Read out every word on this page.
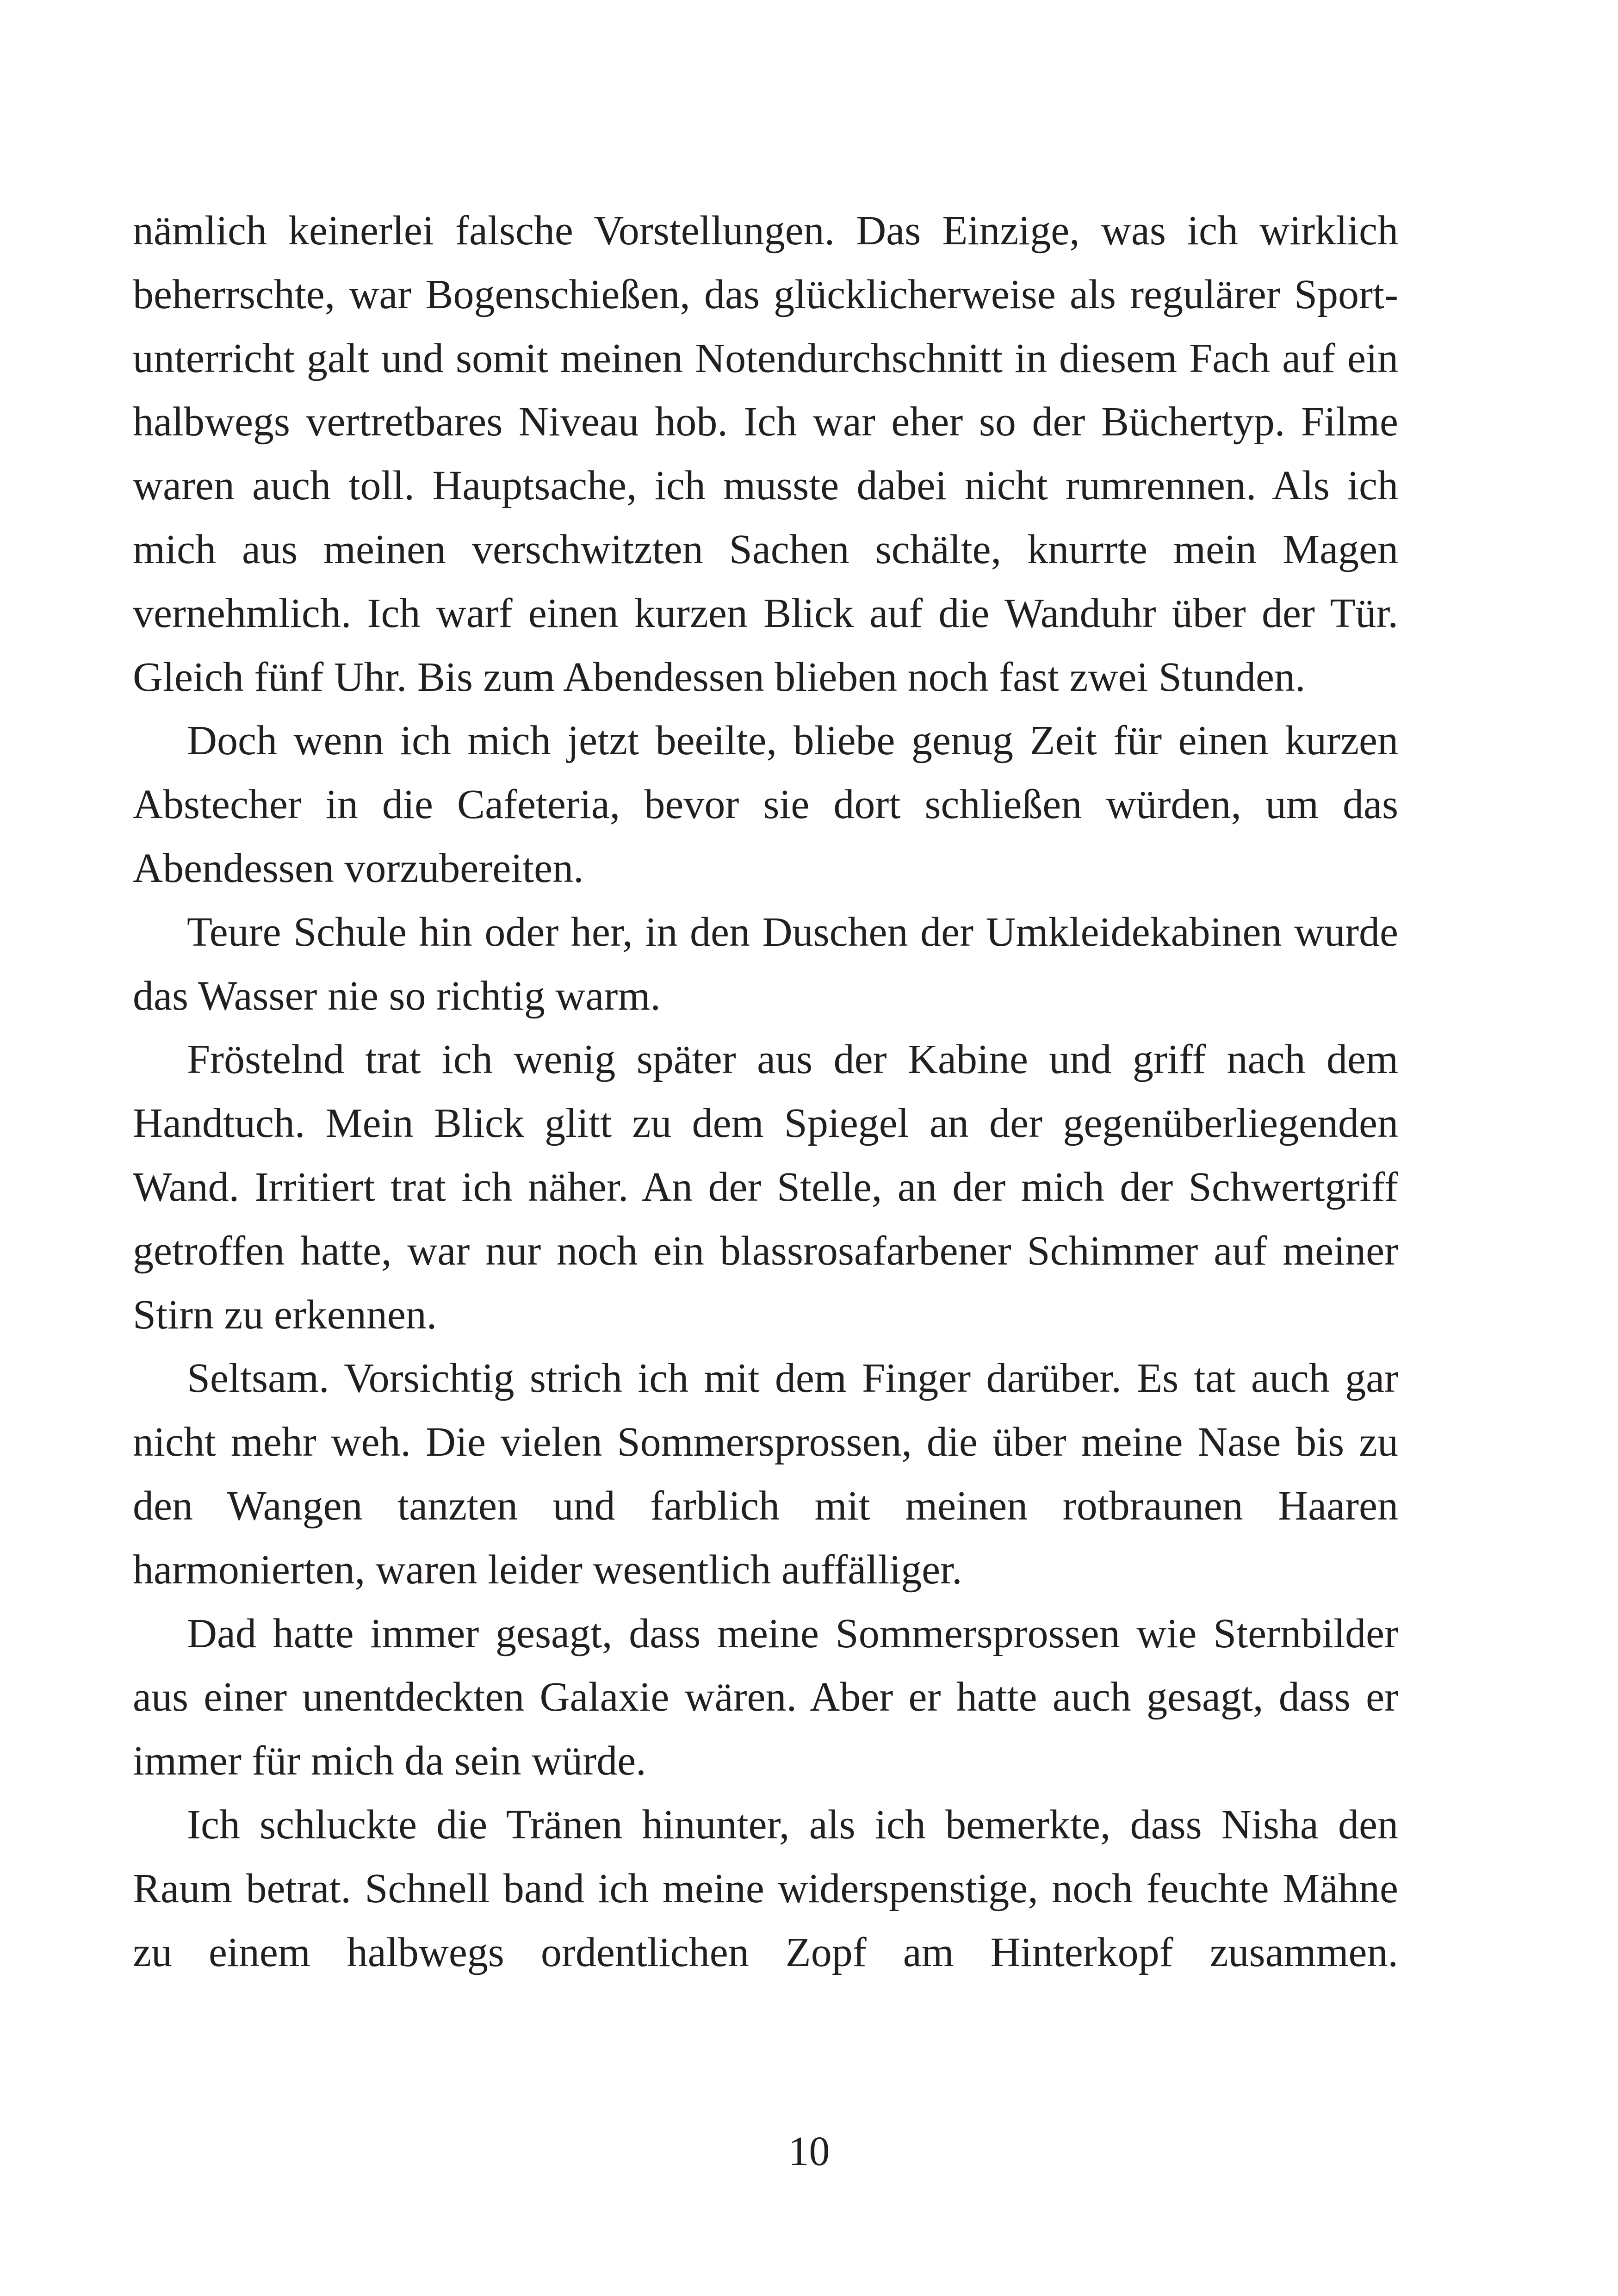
nämlich keinerlei falsche Vorstellungen. Das Einzige, was ich wirklich beherrschte, war Bogenschießen, das glücklicherweise als regulärer Sportunterricht galt und somit meinen Notendurchschnitt in diesem Fach auf ein halbwegs vertretbares Niveau hob. Ich war eher so der Büchertyp. Filme waren auch toll. Hauptsache, ich musste dabei nicht rumrennen. Als ich mich aus meinen verschwitzten Sachen schälte, knurrte mein Magen vernehmlich. Ich warf einen kurzen Blick auf die Wanduhr über der Tür. Gleich fünf Uhr. Bis zum Abendessen blieben noch fast zwei Stunden.

Doch wenn ich mich jetzt beeilte, bliebe genug Zeit für einen kurzen Abstecher in die Cafeteria, bevor sie dort schließen würden, um das Abendessen vorzubereiten.

Teure Schule hin oder her, in den Duschen der Umkleidekabinen wurde das Wasser nie so richtig warm.

Fröstelnd trat ich wenig später aus der Kabine und griff nach dem Handtuch. Mein Blick glitt zu dem Spiegel an der gegenüberliegenden Wand. Irritiert trat ich näher. An der Stelle, an der mich der Schwertgriff getroffen hatte, war nur noch ein blassrosafarbener Schimmer auf meiner Stirn zu erkennen.

Seltsam. Vorsichtig strich ich mit dem Finger darüber. Es tat auch gar nicht mehr weh. Die vielen Sommersprossen, die über meine Nase bis zu den Wangen tanzten und farblich mit meinen rotbraunen Haaren harmonierten, waren leider wesentlich auffälliger.

Dad hatte immer gesagt, dass meine Sommersprossen wie Sternbilder aus einer unentdeckten Galaxie wären. Aber er hatte auch gesagt, dass er immer für mich da sein würde.

Ich schluckte die Tränen hinunter, als ich bemerkte, dass Nisha den Raum betrat. Schnell band ich meine widerspenstige, noch feuchte Mähne zu einem halbwegs ordentlichen Zopf am Hinterkopf zusammen.

10
